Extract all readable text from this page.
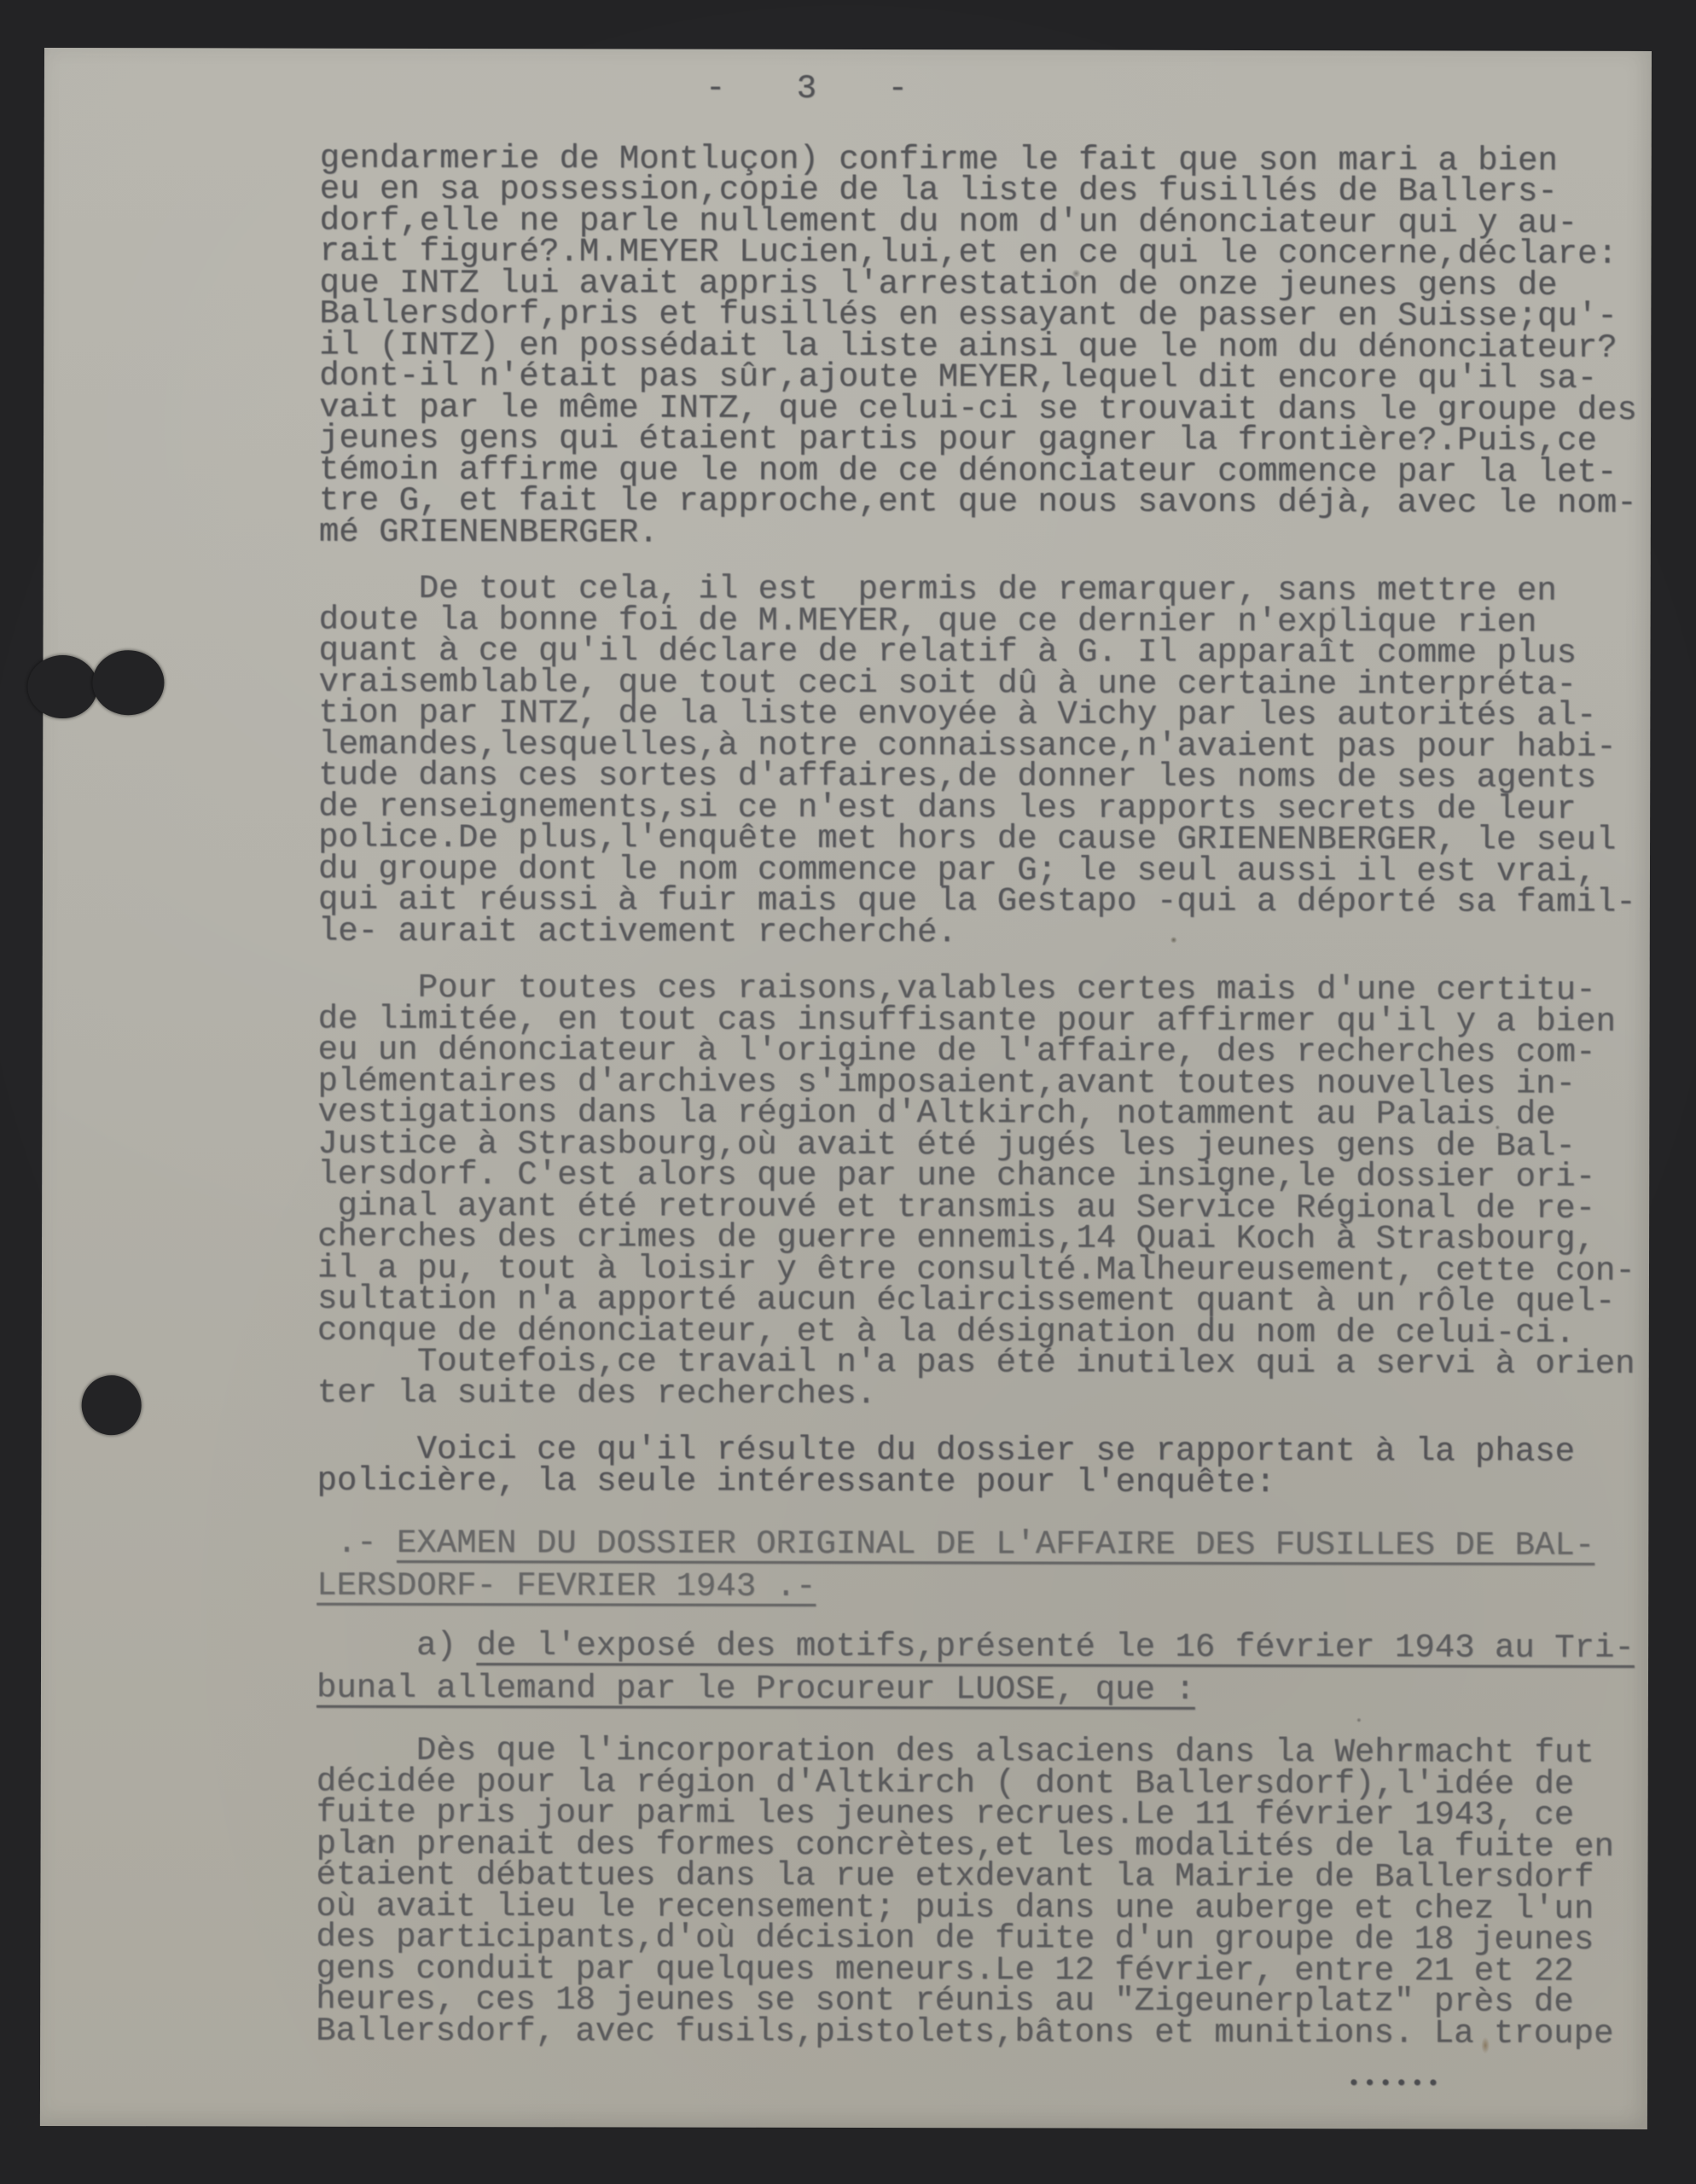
- 3 -
gendarmerie de Montluçon) confirme le fait que son mari a bien
eu en sa possession,copie de la liste des fusillés de Ballers-
dorf,elle ne parle nullement du nom d'un dénonciateur qui y au-
rait figuré?.M.MEYER Lucien,lui,et en ce qui le concerne,déclare:
que INTZ lui avait appris l'arrestation de onze jeunes gens de
Ballersdorf,pris et fusillés en essayant de passer en Suisse;qu'-
il (INTZ) en possédait la liste ainsi que le nom du dénonciateur?
dont-il n'était pas sûr,ajoute MEYER,lequel dit encore qu'il sa-
vait par le même INTZ, que celui-ci se trouvait dans le groupe des
jeunes gens qui étaient partis pour gagner la frontière?.Puis,ce
témoin affirme que le nom de ce dénonciateur commence par la let-
tre G, et fait le rapproche,ent que nous savons déjà, avec le nom-
mé GRIENENBERGER.
De tout cela, il est  permis de remarquer, sans mettre en
doute la bonne foi de M.MEYER, que ce dernier n'explique rien
quant à ce qu'il déclare de relatif à G. Il apparaît comme plus
vraisemblable, que tout ceci soit dû à une certaine interpréta-
tion par INTZ, de la liste envoyée à Vichy par les autorités al-
lemandes,lesquelles,à notre connaissance,n'avaient pas pour habi-
tude dans ces sortes d'affaires,de donner les noms de ses agents
de renseignements,si ce n'est dans les rapports secrets de leur
police.De plus,l'enquête met hors de cause GRIENENBERGER, le seul
du groupe dont le nom commence par G; le seul aussi il est vrai,
qui ait réussi à fuir mais que la Gestapo -qui a déporté sa famil-
le- aurait activement recherché.
Pour toutes ces raisons,valables certes mais d'une certitu-
de limitée, en tout cas insuffisante pour affirmer qu'il y a bien
eu un dénonciateur à l'origine de l'affaire, des recherches com-
plémentaires d'archives s'imposaient,avant toutes nouvelles in-
vestigations dans la région d'Altkirch, notamment au Palais de
Justice à Strasbourg,où avait été jugés les jeunes gens de Bal-
lersdorf. C'est alors que par une chance insigne,le dossier ori-
ginal ayant été retrouvé et transmis au Service Régional de re-
cherches des crimes de guerre ennemis,14 Quai Koch à Strasbourg,
il a pu, tout à loisir y être consulté.Malheureusement, cette con-
sultation n'a apporté aucun éclaircissement quant à un rôle quel-
conque de dénonciateur, et à la désignation du nom de celui-ci.
Toutefois,ce travail n'a pas été inutilex qui a servi à orien
ter la suite des recherches.
Voici ce qu'il résulte du dossier se rapportant à la phase
policière, la seule intéressante pour l'enquête:
.- EXAMEN DU DOSSIER ORIGINAL DE L'AFFAIRE DES FUSILLES DE BAL-
LERSDORF- FEVRIER 1943 .-
a) de l'exposé des motifs,présenté le 16 février 1943 au Tri-
bunal allemand par le Procureur LUOSE, que :
Dès que l'incorporation des alsaciens dans la Wehrmacht fut
décidée pour la région d'Altkirch ( dont Ballersdorf),l'idée de
fuite pris jour parmi les jeunes recrues.Le 11 février 1943, ce
plan prenait des formes concrètes,et les modalités de la fuite en
étaient débattues dans la rue etxdevant la Mairie de Ballersdorf
où avait lieu le recensement; puis dans une auberge et chez l'un
des participants,d'où décision de fuite d'un groupe de 18 jeunes
gens conduit par quelques meneurs.Le 12 février, entre 21 et 22
heures, ces 18 jeunes se sont réunis au "Zigeunerplatz" près de
Ballersdorf, avec fusils,pistolets,bâtons et munitions. La troupe
●●●●●●
